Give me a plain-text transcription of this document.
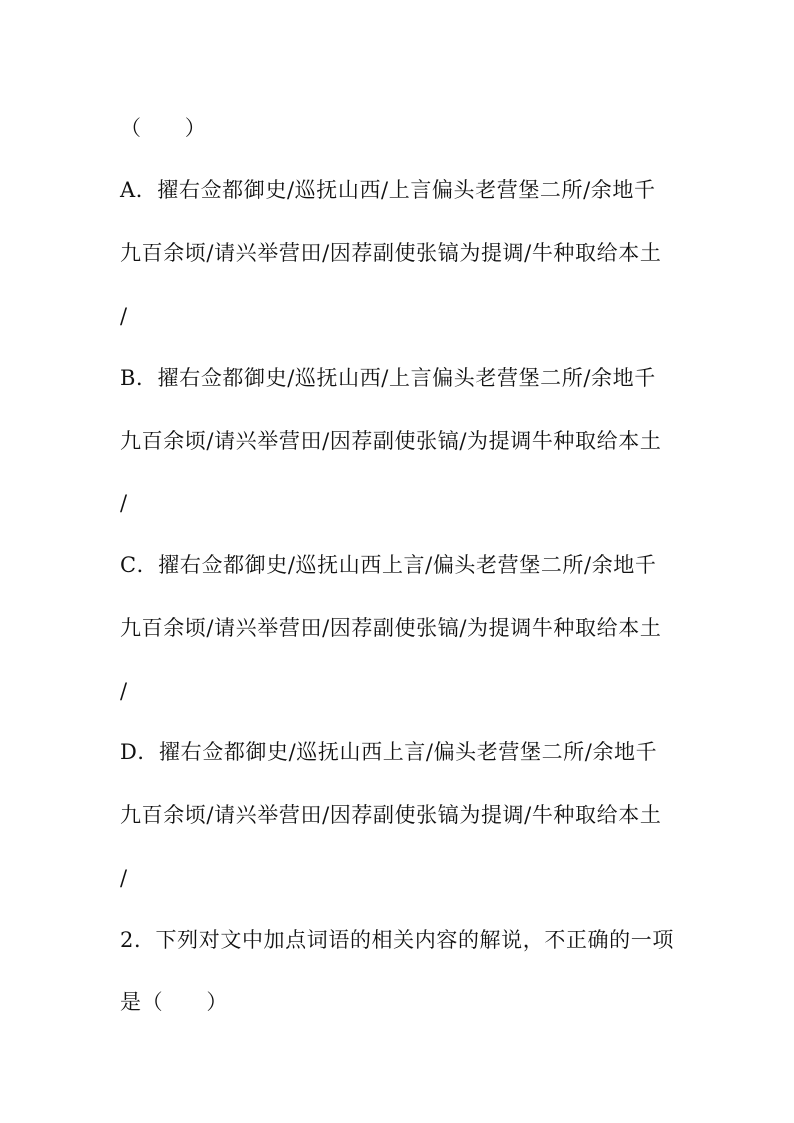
（　　）
A．擢右佥都御史/巡抚山西/上言偏头老营堡二所/余地千
九百余顷/请兴举营田/因荐副使张镐为提调/牛种取给本土
/
B．擢右佥都御史/巡抚山西/上言偏头老营堡二所/余地千
九百余顷/请兴举营田/因荐副使张镐/为提调牛种取给本土
/
C．擢右佥都御史/巡抚山西上言/偏头老营堡二所/余地千
九百余顷/请兴举营田/因荐副使张镐/为提调牛种取给本土
/
D．擢右佥都御史/巡抚山西上言/偏头老营堡二所/余地千
九百余顷/请兴举营田/因荐副使张镐为提调/牛种取给本土
/
2．下列对文中加点词语的相关内容的解说，不正确的一项
是（　　）
